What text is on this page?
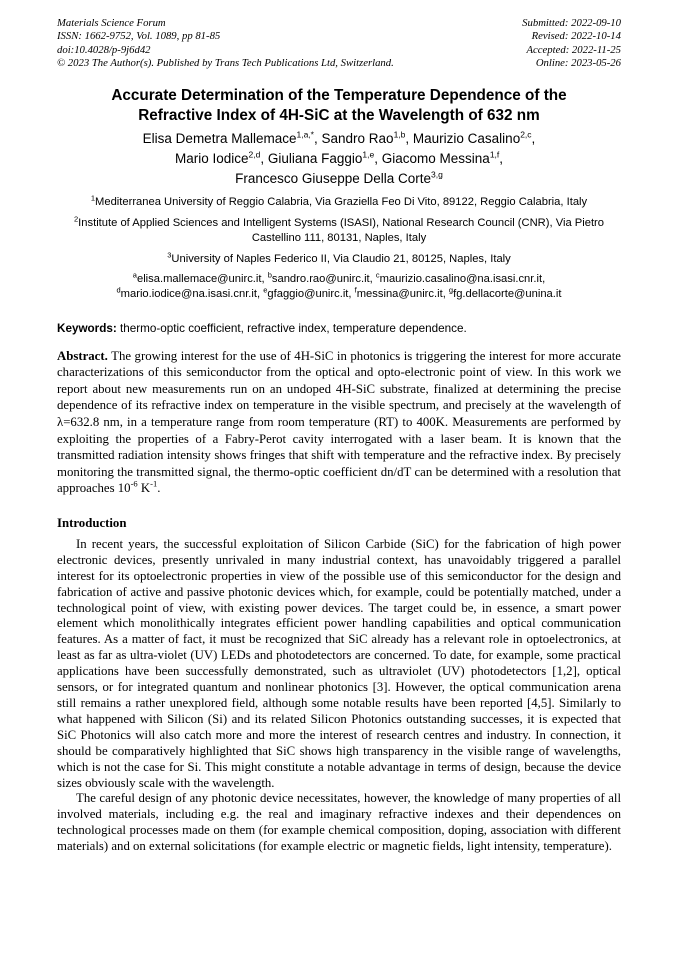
Materials Science Forum
ISSN: 1662-9752, Vol. 1089, pp 81-85
doi:10.4028/p-9j6d42
© 2023 The Author(s). Published by Trans Tech Publications Ltd, Switzerland.
Submitted: 2022-09-10
Revised: 2022-10-14
Accepted: 2022-11-25
Online: 2023-05-26
Accurate Determination of the Temperature Dependence of the
Refractive Index of 4H-SiC at the Wavelength of 632 nm
Elisa Demetra Mallemace$^{1,a,*}$, Sandro Rao$^{1,b}$, Maurizio Casalino$^{2,c}$,
Mario Iodice$^{2,d}$, Giuliana Faggio$^{1,e}$, Giacomo Messina$^{1,f}$,
Francesco Giuseppe Della Corte$^{3,g}$
$^1$Mediterranea University of Reggio Calabria, Via Graziella Feo Di Vito, 89122, Reggio Calabria, Italy
$^2$Institute of Applied Sciences and Intelligent Systems (ISASI), National Research Council (CNR), Via Pietro Castellino 111, 80131, Naples, Italy
$^3$University of Naples Federico II, Via Claudio 21, 80125, Naples, Italy
$^a$elisa.mallemace@unirc.it, $^b$sandro.rao@unirc.it, $^c$maurizio.casalino@na.isasi.cnr.it,
$^d$mario.iodice@na.isasi.cnr.it, $^e$gfaggio@unirc.it, $^f$messina@unirc.it, $^g$fg.dellacorte@unina.it
Keywords: thermo-optic coefficient, refractive index, temperature dependence.

Abstract. The growing interest for the use of 4H-SiC in photonics is triggering the interest for more accurate characterizations of this semiconductor from the optical and opto-electronic point of view. In this work we report about new measurements run on an undoped 4H-SiC substrate, finalized at determining the precise dependence of its refractive index on temperature in the visible spectrum, and precisely at the wavelength of λ=632.8 nm, in a temperature range from room temperature (RT) to 400K. Measurements are performed by exploiting the properties of a Fabry-Perot cavity interrogated with a laser beam. It is known that the transmitted radiation intensity shows fringes that shift with temperature and the refractive index. By precisely monitoring the transmitted signal, the thermo-optic coefficient dn/dT can be determined with a resolution that approaches $10^{-6}$ $K^{-1}$.

Introduction

In recent years, the successful exploitation of Silicon Carbide (SiC) for the fabrication of high power electronic devices, presently unrivaled in many industrial context, has unavoidably triggered a parallel interest for its optoelectronic properties in view of the possible use of this semiconductor for the design and fabrication of active and passive photonic devices which, for example, could be potentially matched, under a technological point of view, with existing power devices. The target could be, in essence, a smart power element which monolithically integrates efficient power handling capabilities and optical communication features. As a matter of fact, it must be recognized that SiC already has a relevant role in optoelectronics, at least as far as ultra-violet (UV) LEDs and photodetectors are concerned. To date, for example, some practical applications have been successfully demonstrated, such as ultraviolet (UV) photodetectors [1,2], optical sensors, or for integrated quantum and nonlinear photonics [3]. However, the optical communication arena still remains a rather unexplored field, although some notable results have been reported [4,5]. Similarly to what happened with Silicon (Si) and its related Silicon Photonics outstanding successes, it is expected that SiC Photonics will also catch more and more the interest of research centres and industry. In connection, it should be comparatively highlighted that SiC shows high transparency in the visible range of wavelengths, which is not the case for Si. This might constitute a notable advantage in terms of design, because the device sizes obviously scale with the wavelength.

The careful design of any photonic device necessitates, however, the knowledge of many properties of all involved materials, including e.g. the real and imaginary refractive indexes and their dependences on technological processes made on them (for example chemical composition, doping, association with different materials) and on external solicitations (for example electric or magnetic fields, light intensity, temperature).
